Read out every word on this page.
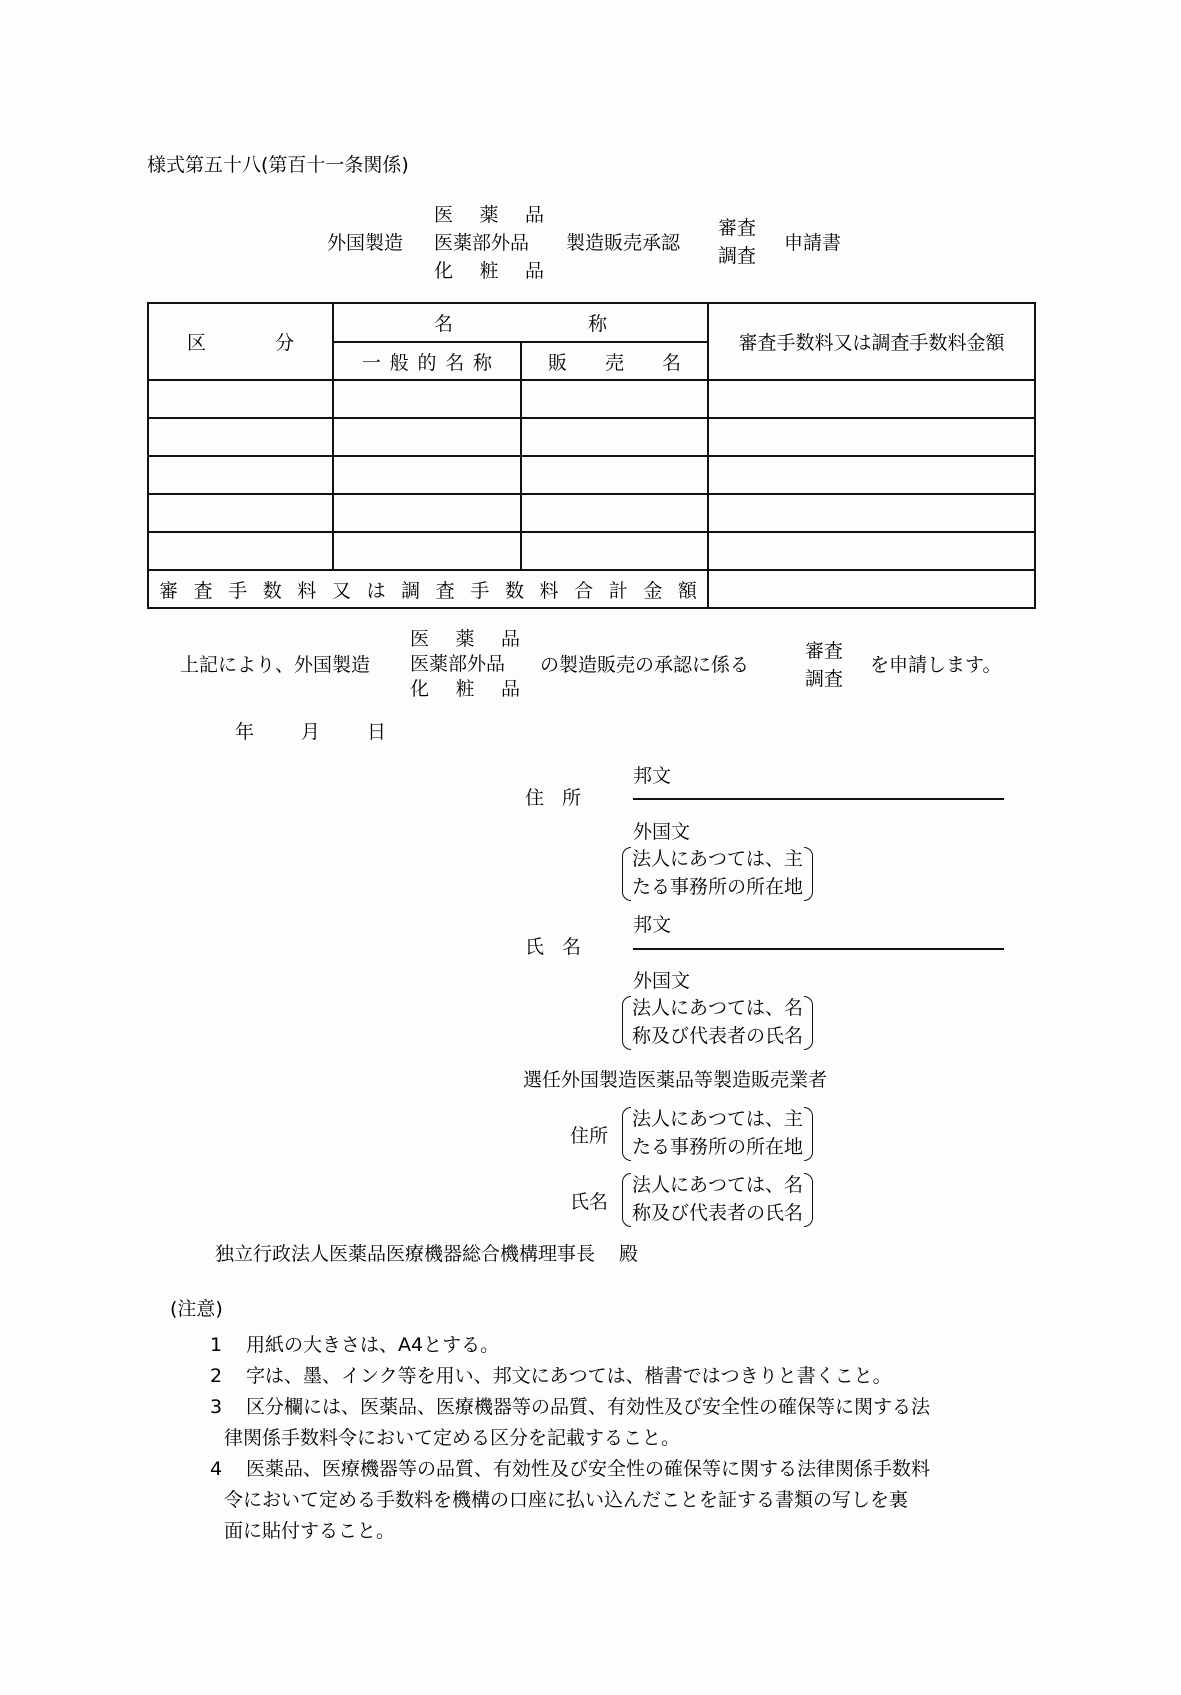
様式第五十八(第百十一条関係)
外国製造
医 薬 品
医薬部外品
化 粧 品
製造販売承認
審査
調査
申請書
区 分	名 称		審査手数料又は調査手数料金額

	一 般 的 名 称	販 売 名	

審 査 手 数 料 又 は 調 査 手 数 料 合 計 金 額

上記により、外国製造
医 薬 品
医薬部外品
化 粧 品
の製造販売の承認に係る
審査
調査
を申請します。
年	月	日
住 所
邦文
外国文
法人にあつては、主
たる事務所の所在地
氏 名
邦文
外国文
法人にあつては、名
称及び代表者の氏名
選任外国製造医薬品等製造販売業者
住所
法人にあつては、主
たる事務所の所在地
氏名
法人にあつては、名
称及び代表者の氏名
独立行政法人医薬品医療機器総合機構理事長 殿
(注意)
1 用紙の大きさは、A4とする。
2 字は、墨、インク等を用い、邦文にあつては、楷書ではつきりと書くこと。
3 区分欄には、医薬品、医療機器等の品質、有効性及び安全性の確保等に関する法
律関係手数料令において定める区分を記載すること。
4 医薬品、医療機器等の品質、有効性及び安全性の確保等に関する法律関係手数料
令において定める手数料を機構の口座に払い込んだことを証する書類の写しを裏
面に貼付すること。
